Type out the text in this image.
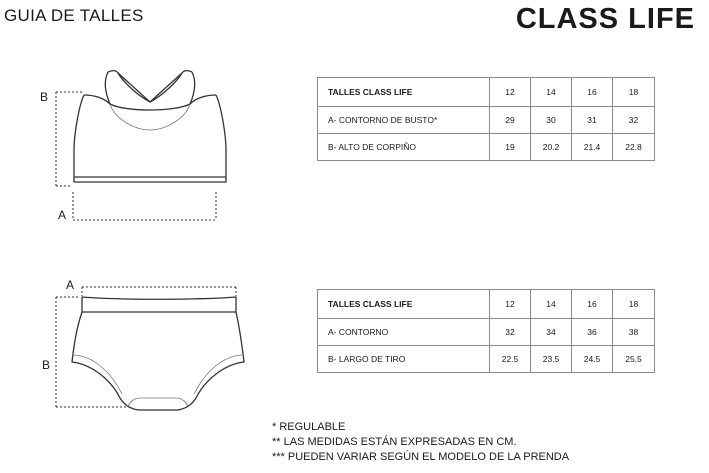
GUIA DE TALLES	CLASS LIFE
B
A
A
B
TALLES CLASS LIFE	12	14	16	18
A- CONTORNO DE BUSTO*	29	30	31	32
B- ALTO DE CORPIÑO	19	20.2	21.4	22.8
TALLES CLASS LIFE	12	14	16	18
A- CONTORNO	32	34	36	38
B- LARGO DE TIRO	22.5	23.5	24.5	25.5
* REGULABLE
** LAS MEDIDAS ESTÁN EXPRESADAS EN CM.
*** PUEDEN VARIAR SEGÚN EL MODELO DE LA PRENDA
